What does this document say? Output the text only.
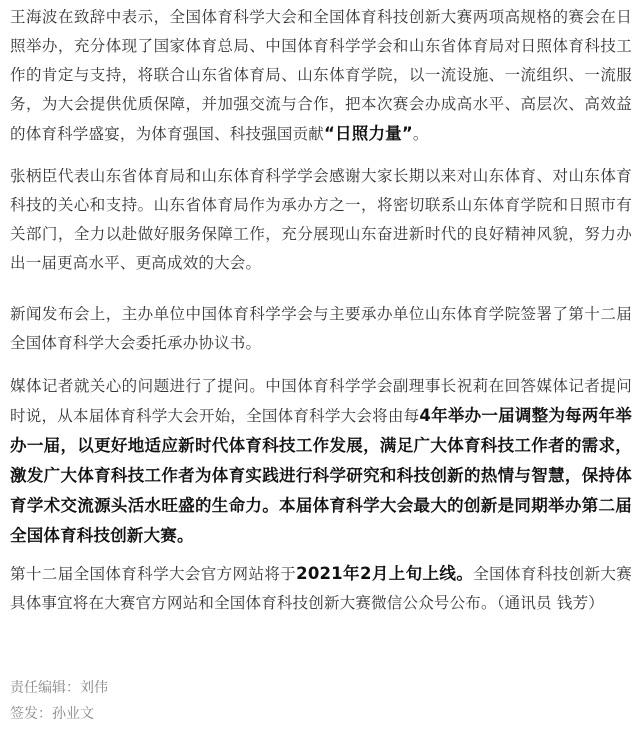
王海波在致辞中表示，全国体育科学大会和全国体育科技创新大赛两项高规格的赛会在日照举办，充分体现了国家体育总局、中国体育科学学会和山东省体育局对日照体育科技工作的肯定与支持，将联合山东省体育局、山东体育学院，以一流设施、一流组织、一流服务，为大会提供优质保障，并加强交流与合作，把本次赛会办成高水平、高层次、高效益的体育科学盛宴，为体育强国、科技强国贡献“日照力量”。

张柄臣代表山东省体育局和山东体育科学学会感谢大家长期以来对山东体育、对山东体育科技的关心和支持。山东省体育局作为承办方之一，将密切联系山东体育学院和日照市有关部门，全力以赴做好服务保障工作，充分展现山东奋进新时代的良好精神风貌，努力办出一届更高水平、更高成效的大会。

新闻发布会上，主办单位中国体育科学学会与主要承办单位山东体育学院签署了第十二届全国体育科学大会委托承办协议书。

媒体记者就关心的问题进行了提问。中国体育科学学会副理事长祝莉在回答媒体记者提问时说，从本届体育科学大会开始，全国体育科学大会将由每4年举办一届调整为每两年举办一届，以更好地适应新时代体育科技工作发展，满足广大体育科技工作者的需求，激发广大体育科技工作者为体育实践进行科学研究和科技创新的热情与智慧，保持体育学术交流源头活水旺盛的生命力。本届体育科学大会最大的创新是同期举办第二届全国体育科技创新大赛。

第十二届全国体育科学大会官方网站将于2021年2月上旬上线。全国体育科技创新大赛具体事宜将在大赛官方网站和全国体育科技创新大赛微信公众号公布。（通讯员 钱芳）

责任编辑：刘伟
签发：孙业文
